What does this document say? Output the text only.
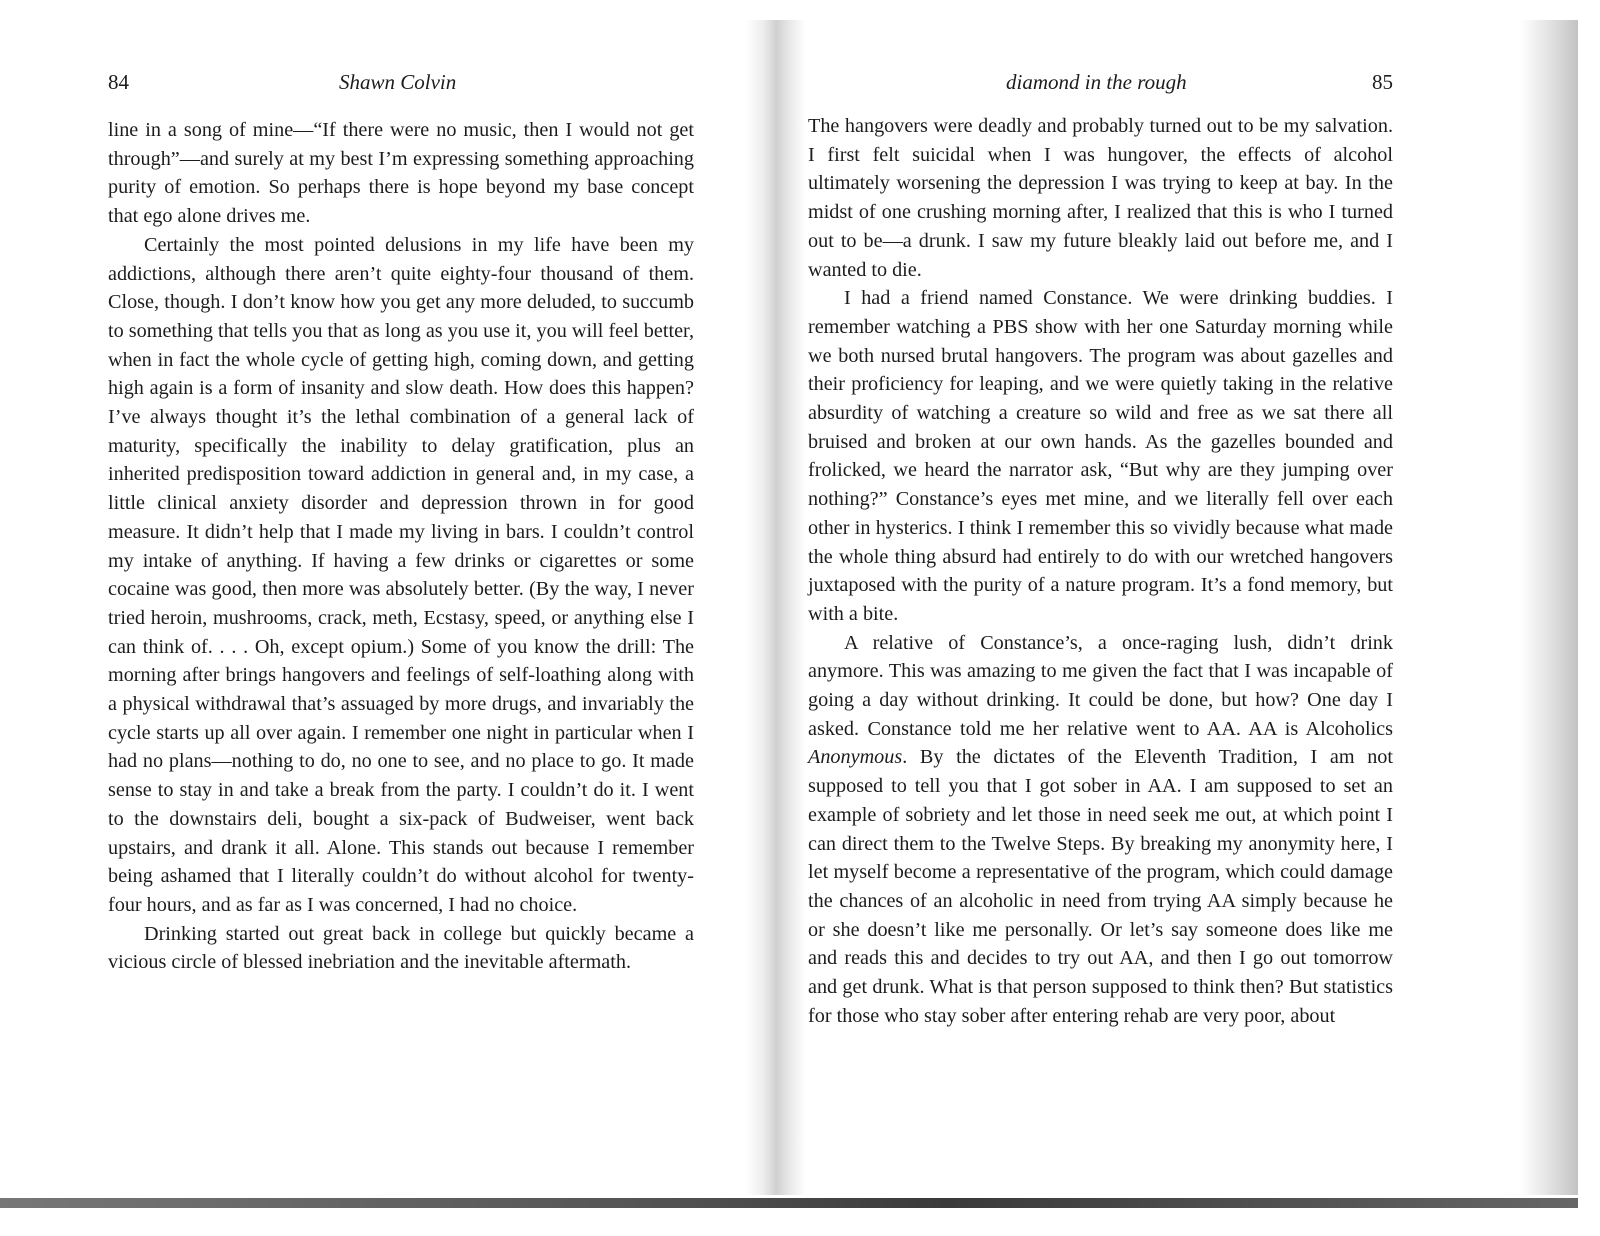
84	Shawn Colvin

line in a song of mine—“If there were no music, then I would not get through”—and surely at my best I’m expressing something approaching purity of emotion. So perhaps there is hope beyond my base concept that ego alone drives me.

Certainly the most pointed delusions in my life have been my addictions, although there aren’t quite eighty-four thousand of them. Close, though. I don’t know how you get any more deluded, to succumb to something that tells you that as long as you use it, you will feel better, when in fact the whole cycle of getting high, coming down, and getting high again is a form of insanity and slow death. How does this happen? I’ve always thought it’s the lethal combination of a general lack of maturity, specifically the inability to delay gratification, plus an inherited predisposition toward addiction in general and, in my case, a little clinical anxiety disorder and depression thrown in for good measure. It didn’t help that I made my living in bars. I couldn’t control my intake of anything. If having a few drinks or cigarettes or some cocaine was good, then more was absolutely better. (By the way, I never tried heroin, mushrooms, crack, meth, Ecstasy, speed, or anything else I can think of. . . . Oh, except opium.) Some of you know the drill: The morning after brings hangovers and feelings of self-loathing along with a physical withdrawal that’s assuaged by more drugs, and invariably the cycle starts up all over again. I remember one night in particular when I had no plans—nothing to do, no one to see, and no place to go. It made sense to stay in and take a break from the party. I couldn’t do it. I went to the downstairs deli, bought a six-pack of Budweiser, went back upstairs, and drank it all. Alone. This stands out because I remember being ashamed that I literally couldn’t do without alcohol for twenty-four hours, and as far as I was concerned, I had no choice.

Drinking started out great back in college but quickly became a vicious circle of blessed inebriation and the inevitable aftermath.

diamond in the rough	85

The hangovers were deadly and probably turned out to be my salvation. I first felt suicidal when I was hungover, the effects of alcohol ultimately worsening the depression I was trying to keep at bay. In the midst of one crushing morning after, I realized that this is who I turned out to be—a drunk. I saw my future bleakly laid out before me, and I wanted to die.

I had a friend named Constance. We were drinking buddies. I remember watching a PBS show with her one Saturday morning while we both nursed brutal hangovers. The program was about gazelles and their proficiency for leaping, and we were quietly taking in the relative absurdity of watching a creature so wild and free as we sat there all bruised and broken at our own hands. As the gazelles bounded and frolicked, we heard the narrator ask, “But why are they jumping over nothing?” Constance’s eyes met mine, and we literally fell over each other in hysterics. I think I remember this so vividly because what made the whole thing absurd had entirely to do with our wretched hangovers juxtaposed with the purity of a nature program. It’s a fond memory, but with a bite.

A relative of Constance’s, a once-raging lush, didn’t drink anymore. This was amazing to me given the fact that I was incapable of going a day without drinking. It could be done, but how? One day I asked. Constance told me her relative went to AA. AA is Alcoholics Anonymous. By the dictates of the Eleventh Tradition, I am not supposed to tell you that I got sober in AA. I am supposed to set an example of sobriety and let those in need seek me out, at which point I can direct them to the Twelve Steps. By breaking my anonymity here, I let myself become a representative of the program, which could damage the chances of an alcoholic in need from trying AA simply because he or she doesn’t like me personally. Or let’s say someone does like me and reads this and decides to try out AA, and then I go out tomorrow and get drunk. What is that person supposed to think then? But statistics for those who stay sober after entering rehab are very poor, about
